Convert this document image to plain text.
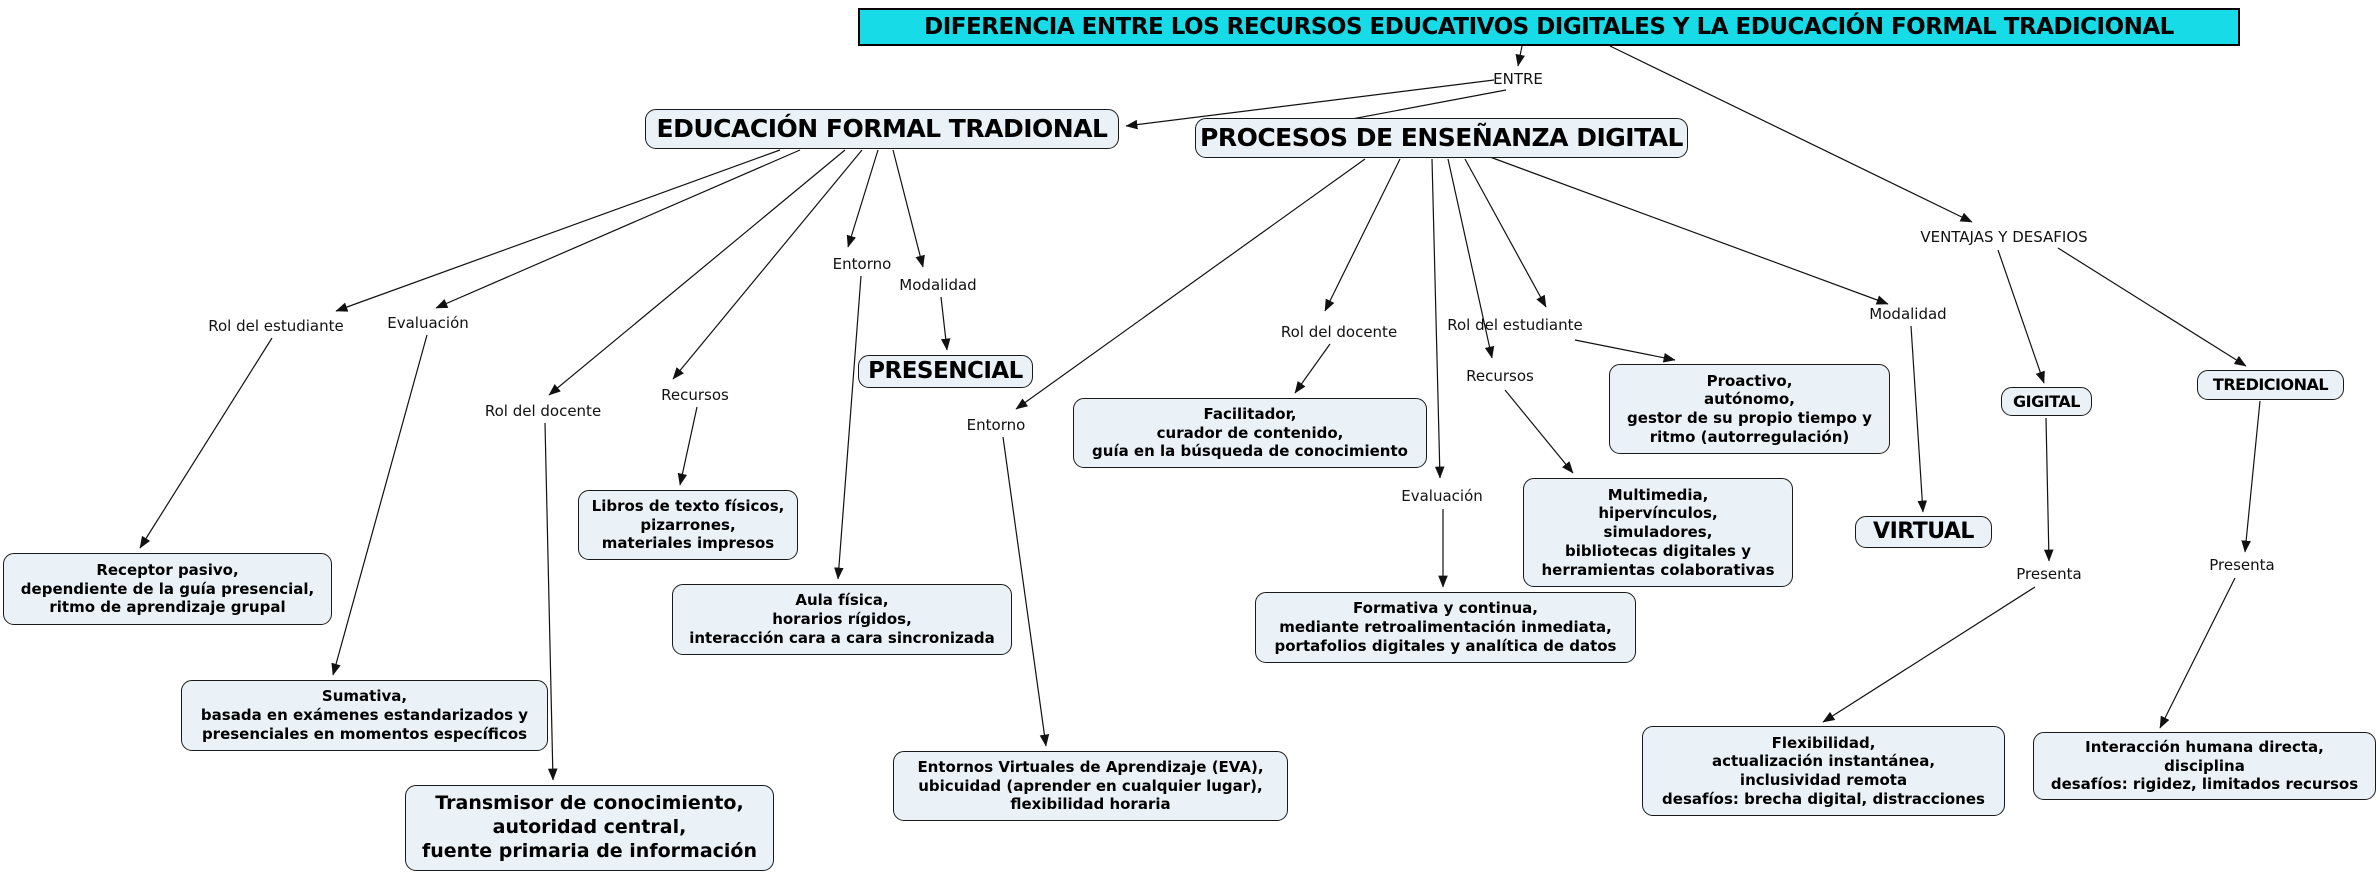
DIFERENCIA ENTRE LOS RECURSOS EDUCATIVOS DIGITALES Y LA EDUCACIÓN FORMAL TRADICIONAL
EDUCACIÓN FORMAL TRADIONAL	PROCESOS DE ENSEÑANZA DIGITAL
PRESENCIAL
VIRTUAL
GIGITAL
TREDICIONAL
Facilitador,
curador de contenido,
guía en la búsqueda de conocimiento
Proactivo,
autónomo,
gestor de su propio tiempo y
ritmo (autorregulación)
Multimedia,
hipervínculos,
simuladores,
bibliotecas digitales y
herramientas colaborativas
Formativa y continua,
mediante retroalimentación inmediata,
portafolios digitales y analítica de datos
Receptor pasivo,
dependiente de la guía presencial,
ritmo de aprendizaje grupal
Sumativa,
basada en exámenes estandarizados y
presenciales en momentos específicos
Transmisor de conocimiento,
autoridad central,
fuente primaria de información
Libros de texto físicos,
pizarrones,
materiales impresos
Aula física,
horarios rígidos,
interacción cara a cara sincronizada
Entornos Virtuales de Aprendizaje (EVA),
ubicuidad (aprender en cualquier lugar),
flexibilidad horaria
Flexibilidad,
actualización instantánea,
inclusividad remota
desafíos: brecha digital, distracciones
Interacción humana directa,
disciplina
desafíos: rigidez, limitados recursos
ENTRE
Rol del estudiante	Evaluación
Rol del docente
Recursos
Entorno
Modalidad
Entorno
Rol del docente	Rol del estudiante
Recursos
Evaluación
Modalidad
VENTAJAS Y DESAFIOS
Presenta	Presenta
